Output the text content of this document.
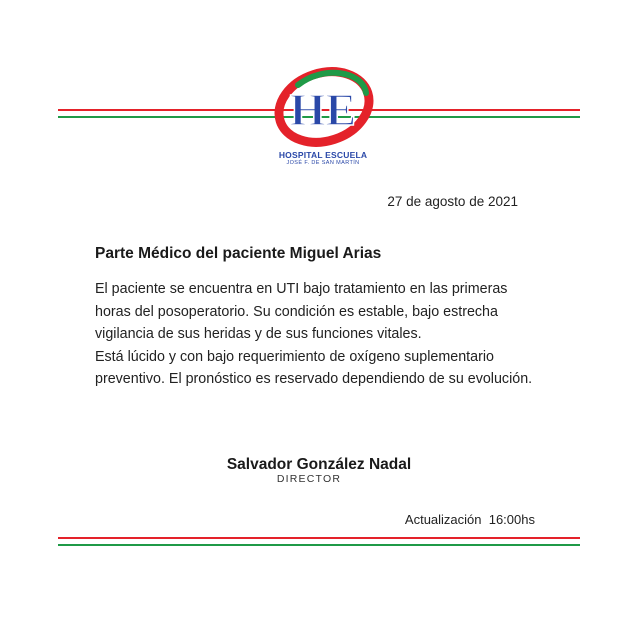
HE
HOSPITAL ESCUELA
JOSÉ F. DE SAN MARTÍN
27 de agosto de 2021
Parte Médico del paciente Miguel Arias
El paciente se encuentra en UTI bajo tratamiento en las primeras
horas del posoperatorio. Su condición es estable, bajo estrecha
vigilancia de sus heridas y de sus funciones vitales.
Está lúcido y con bajo requerimiento de oxígeno suplementario
preventivo. El pronóstico es reservado dependiendo de su evolución.
Salvador González Nadal
DIRECTOR
Actualización  16:00hs
